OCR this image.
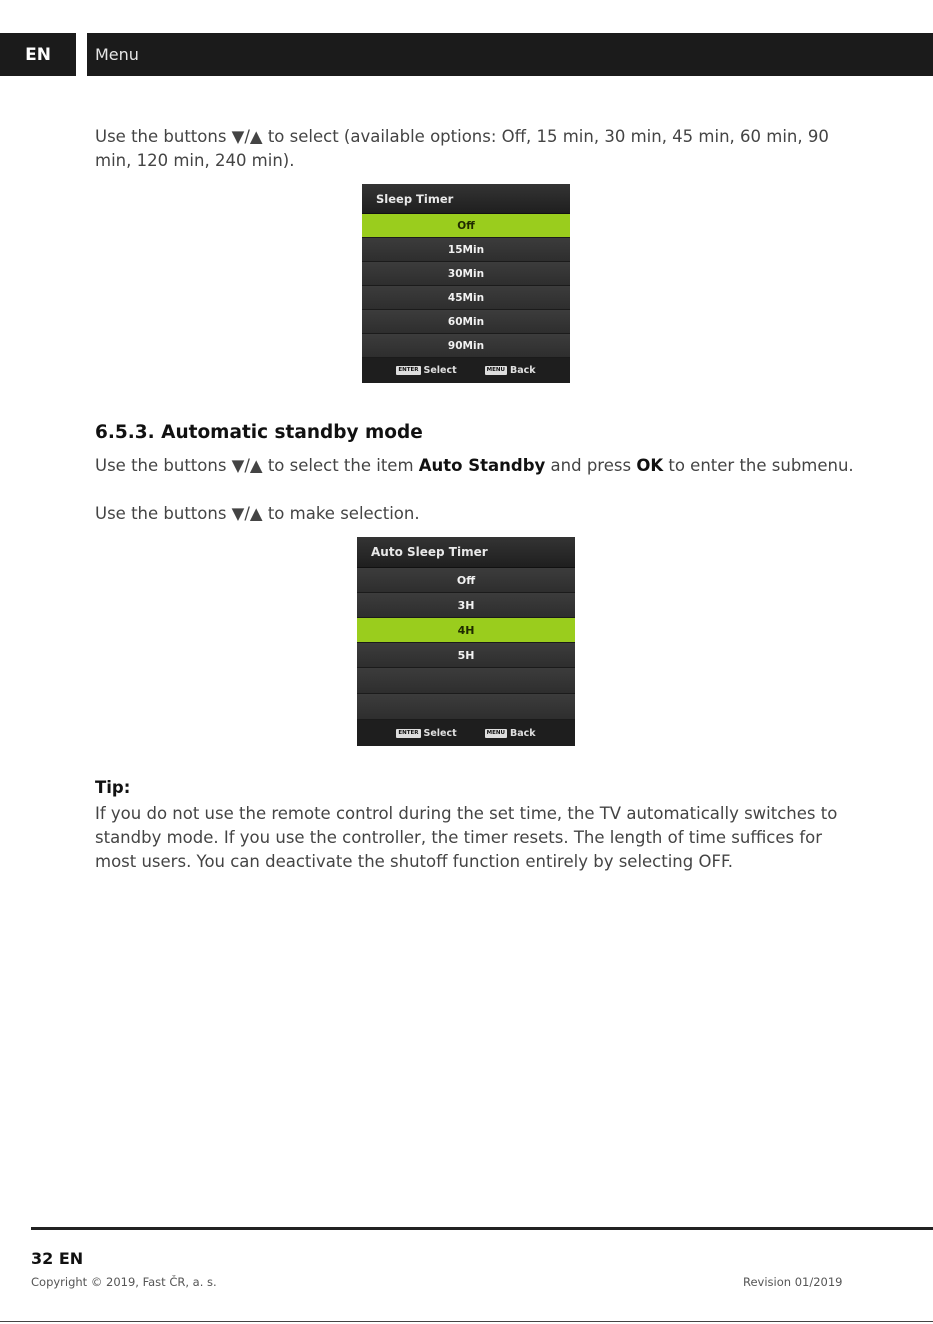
EN	Menu

Use the buttons ▼/▲ to select (available options: Off, 15 min, 30 min, 45 min, 60 min, 90 min, 120 min, 240 min).

Sleep Timer
Off
15Min
30Min
45Min
60Min
90Min
ENTER Select	MENU Back
6.5.3. Automatic standby mode

Use the buttons ▼/▲ to select the item Auto Standby and press OK to enter the submenu.

Use the buttons ▼/▲ to make selection.

Auto Sleep Timer
Off
3H
4H
5H
ENTER Select	MENU Back

Tip:

If you do not use the remote control during the set time, the TV automatically switches to standby mode. If you use the controller, the timer resets. The length of time suffices for most users. You can deactivate the shutoff function entirely by selecting OFF.

32 EN

Copyright © 2019, Fast ČR, a. s.	Revision 01/2019
